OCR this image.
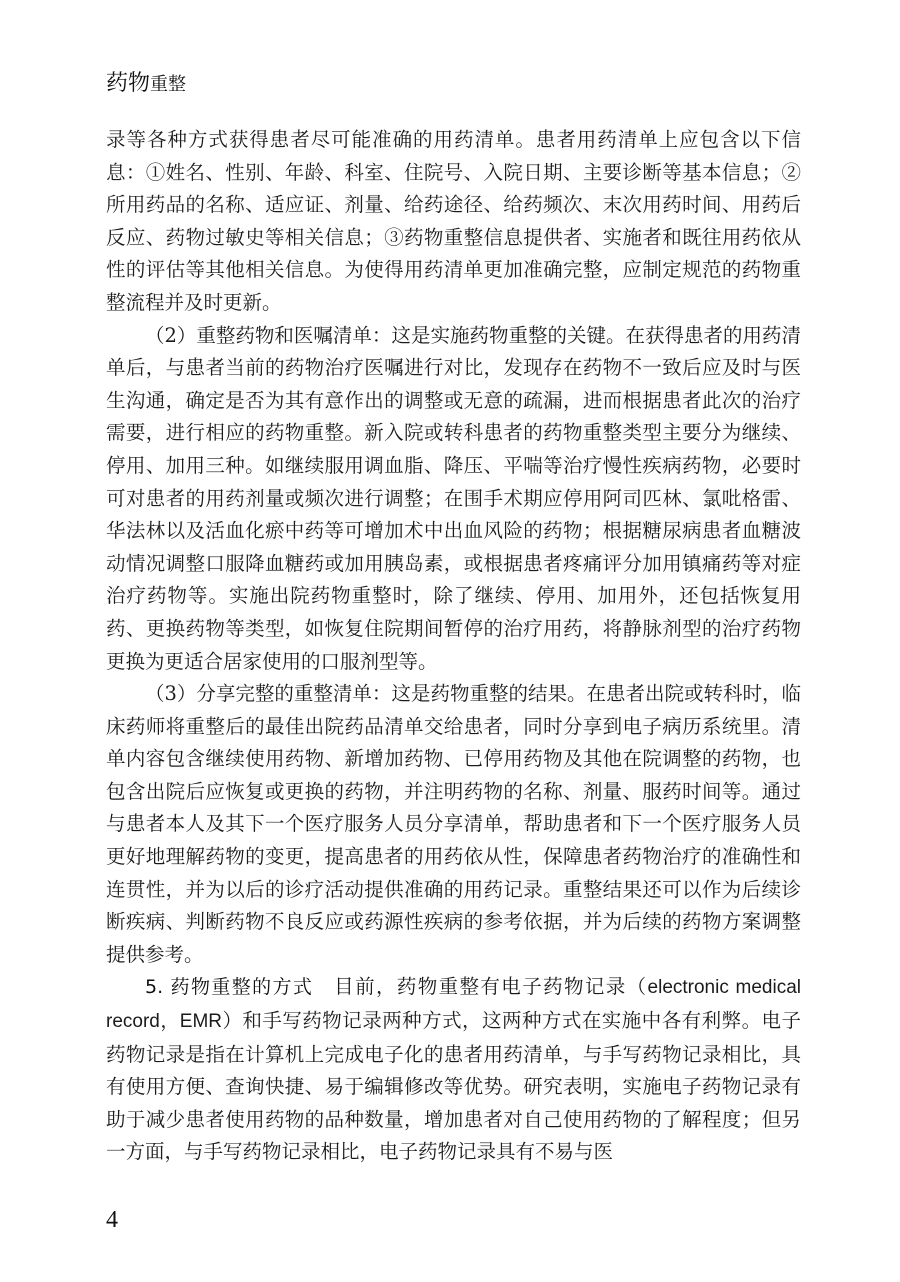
药物重整

录等各种方式获得患者尽可能准确的用药清单。患者用药清单上应包含以下信息：①姓名、性别、年龄、科室、住院号、入院日期、主要诊断等基本信息；②所用药品的名称、适应证、剂量、给药途径、给药频次、末次用药时间、用药后反应、药物过敏史等相关信息；③药物重整信息提供者、实施者和既往用药依从性的评估等其他相关信息。为使得用药清单更加准确完整，应制定规范的药物重整流程并及时更新。

（2）重整药物和医嘱清单：这是实施药物重整的关键。在获得患者的用药清单后，与患者当前的药物治疗医嘱进行对比，发现存在药物不一致后应及时与医生沟通，确定是否为其有意作出的调整或无意的疏漏，进而根据患者此次的治疗需要，进行相应的药物重整。新入院或转科患者的药物重整类型主要分为继续、停用、加用三种。如继续服用调血脂、降压、平喘等治疗慢性疾病药物，必要时可对患者的用药剂量或频次进行调整；在围手术期应停用阿司匹林、氯吡格雷、华法林以及活血化瘀中药等可增加术中出血风险的药物；根据糖尿病患者血糖波动情况调整口服降血糖药或加用胰岛素，或根据患者疼痛评分加用镇痛药等对症治疗药物等。实施出院药物重整时，除了继续、停用、加用外，还包括恢复用药、更换药物等类型，如恢复住院期间暂停的治疗用药，将静脉剂型的治疗药物更换为更适合居家使用的口服剂型等。

（3）分享完整的重整清单：这是药物重整的结果。在患者出院或转科时，临床药师将重整后的最佳出院药品清单交给患者，同时分享到电子病历系统里。清单内容包含继续使用药物、新增加药物、已停用药物及其他在院调整的药物，也包含出院后应恢复或更换的药物，并注明药物的名称、剂量、服药时间等。通过与患者本人及其下一个医疗服务人员分享清单，帮助患者和下一个医疗服务人员更好地理解药物的变更，提高患者的用药依从性，保障患者药物治疗的准确性和连贯性，并为以后的诊疗活动提供准确的用药记录。重整结果还可以作为后续诊断疾病、判断药物不良反应或药源性疾病的参考依据，并为后续的药物方案调整提供参考。

5. 药物重整的方式　目前，药物重整有电子药物记录（electronic medical record，EMR）和手写药物记录两种方式，这两种方式在实施中各有利弊。电子药物记录是指在计算机上完成电子化的患者用药清单，与手写药物记录相比，具有使用方便、查询快捷、易于编辑修改等优势。研究表明，实施电子药物记录有助于减少患者使用药物的品种数量，增加患者对自己使用药物的了解程度；但另一方面，与手写药物记录相比，电子药物记录具有不易与医

4
